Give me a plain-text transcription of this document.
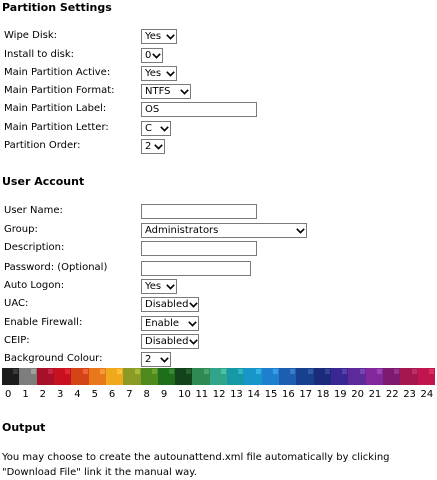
Partition Settings
Wipe Disk:	Yes
Install to disk:	0
Main Partition Active:	Yes
Main Partition Format:	NTFS
Main Partition Label:	OS
Main Partition Letter:	C
Partition Order:	2
User Account
User Name:
Group:	Administrators
Description:
Password: (Optional)
Auto Logon:	Yes
UAC:	Disabled
Enable Firewall:	Enable
CEIP:	Disabled
Background Colour:	2
0	1	2	3	4	5	6	7	8	9	10 11 12 13 14 15 16 17 18 19 20 21 22 23 24
Output
You may choose to create the autounattend.xml file automatically by clicking "Download File" link it the manual way.
